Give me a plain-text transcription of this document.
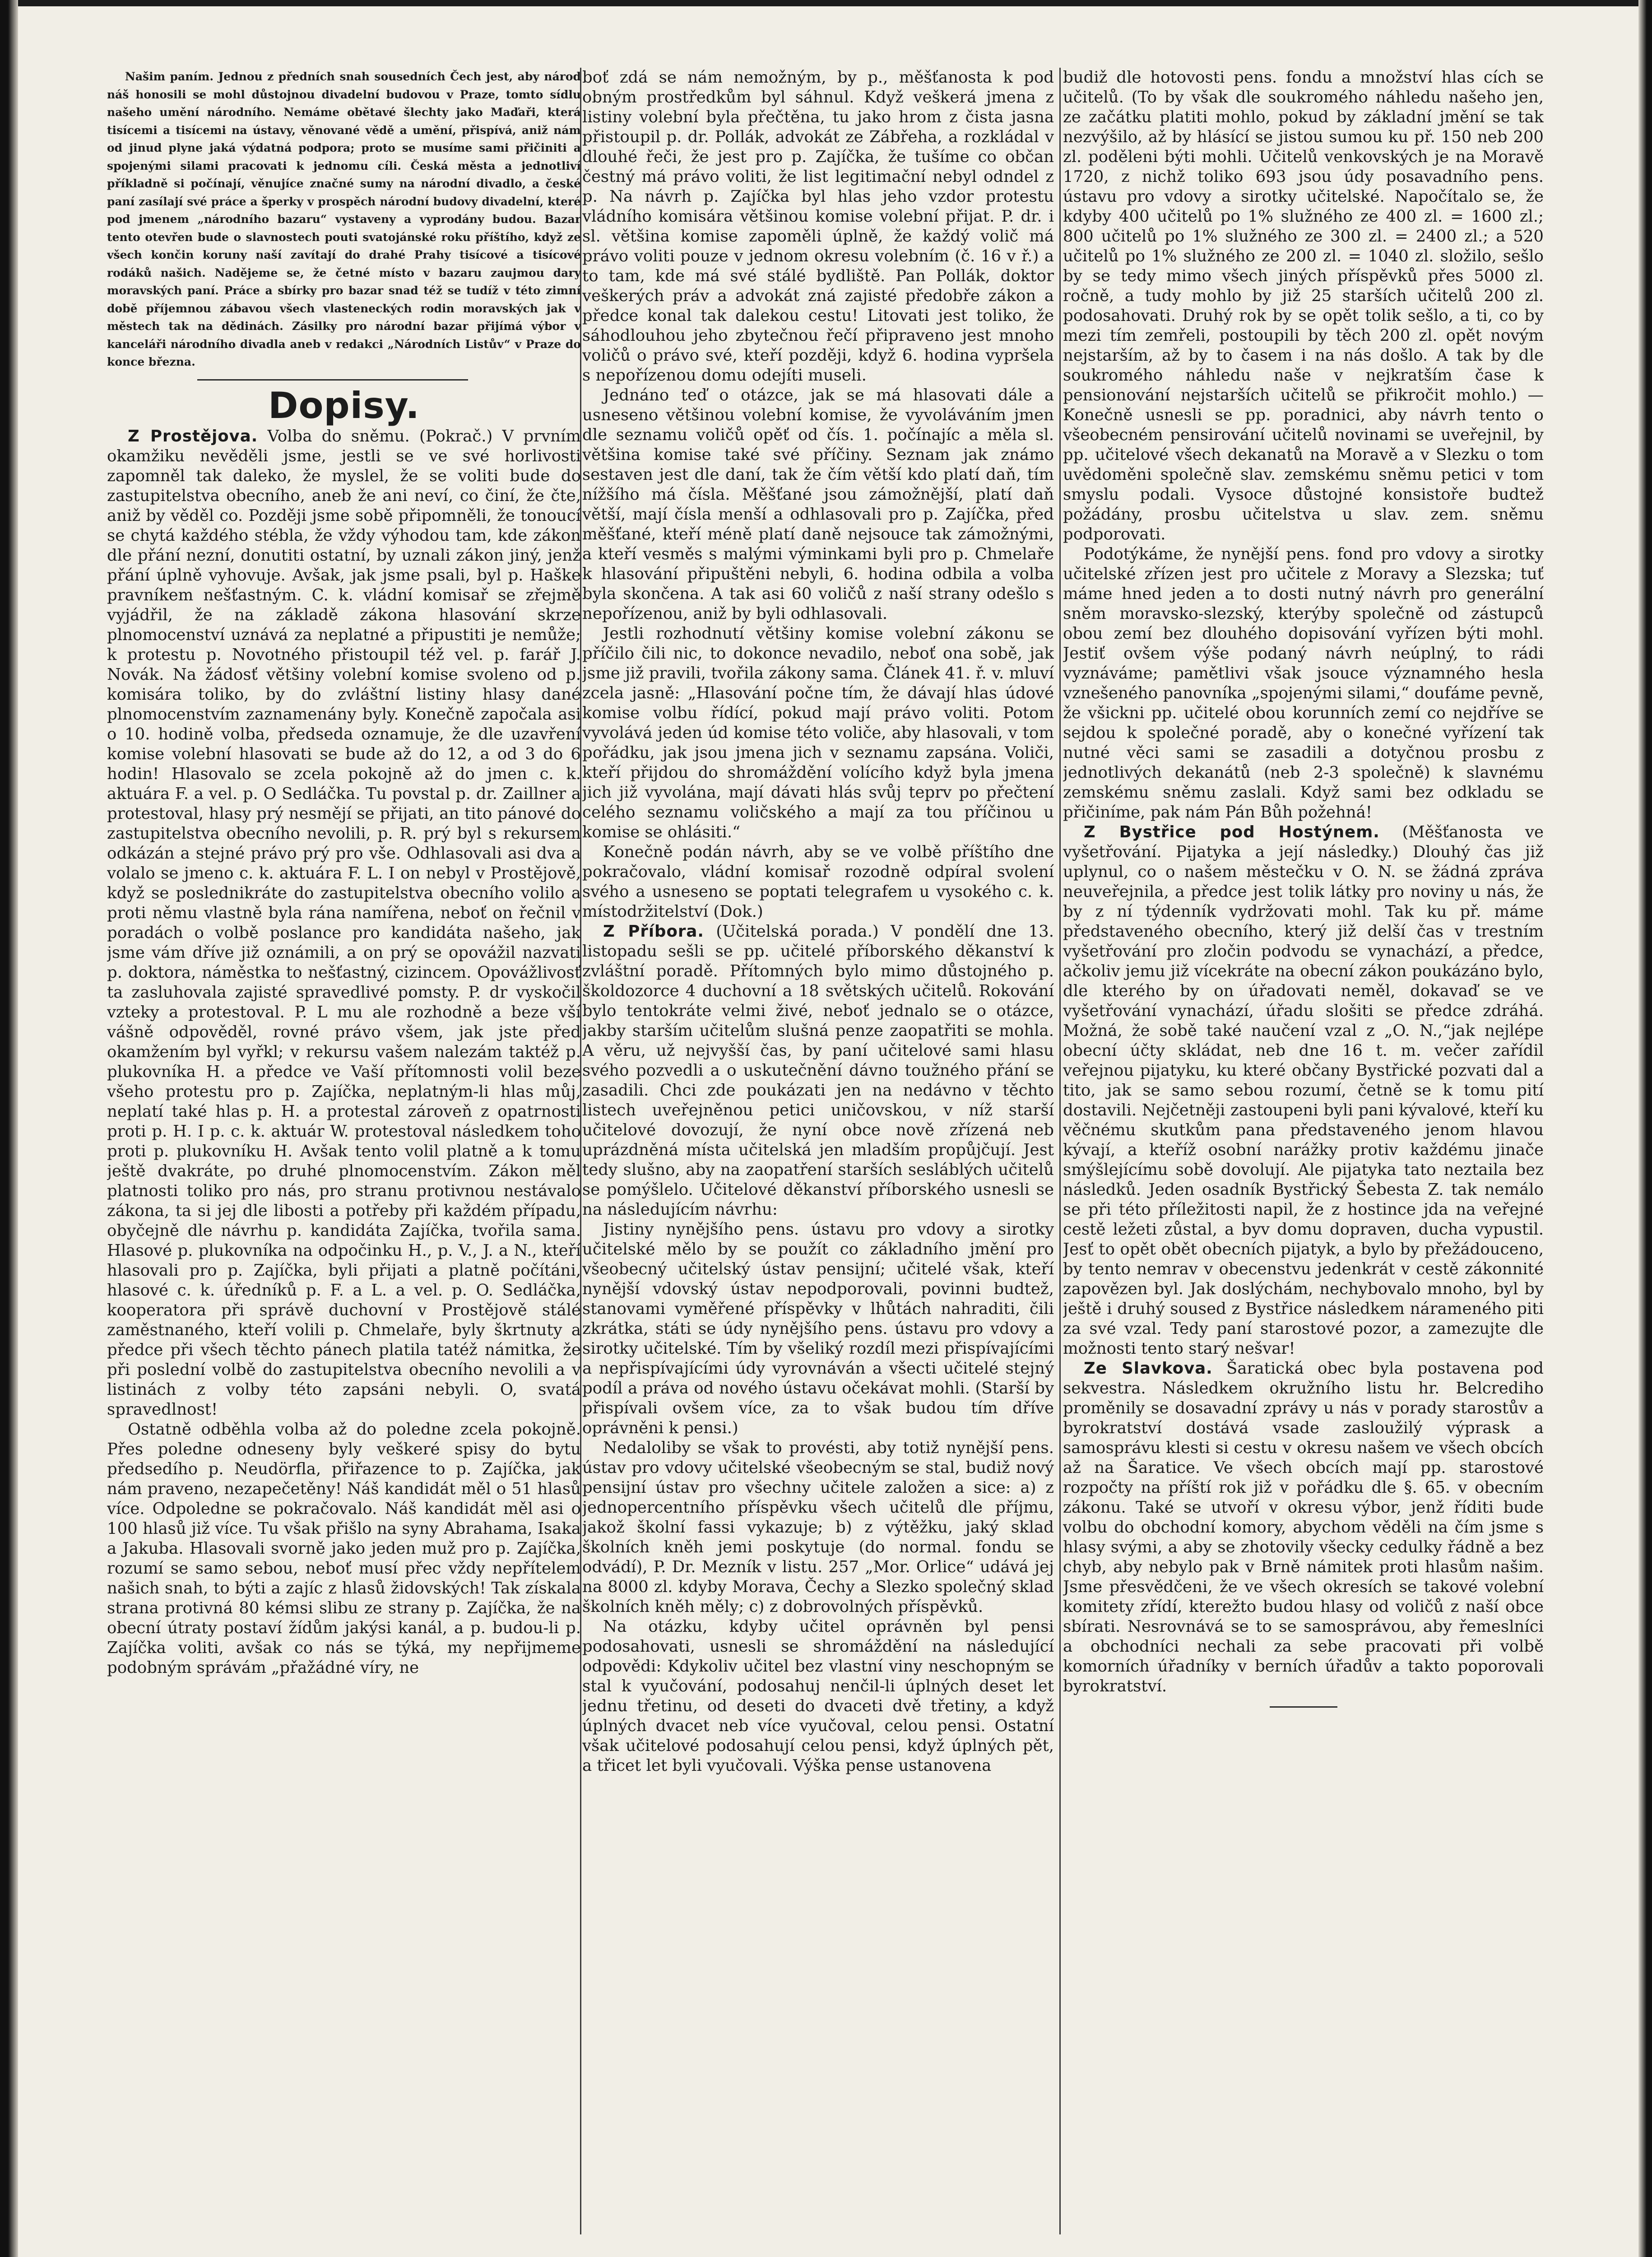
Našim paním. Jednou z předních snah sousedních Čech jest, aby národ náš honosili se mohl důstojnou divadelní budovou v Praze, tomto sídlu našeho umění národního. Nemáme obětavé šlechty jako Maďaři, která tisícemi a tisícemi na ústavy, věnované vědě a umění, přispívá, aniž nám od jinud plyne jaká výdatná podpora; proto se musíme sami přičiniti a spojenými silami pracovati k jednomu cíli. Česká města a jednotliví příkladně si počínají, věnujíce značné sumy na národní divadlo, a české paní zasílají své práce a šperky v prospěch národní budovy divadelní, které pod jmenem „národního bazaru“ vystaveny a vyprodány budou. Bazar tento otevřen bude o slavnostech pouti svatojánské roku příštího, když ze všech končin koruny naší zavítají do drahé Prahy tisícové a tisícové rodáků našich. Nadějeme se, že četné místo v bazaru zaujmou dary moravských paní. Práce a sbírky pro bazar snad též se tudíž v této zimní době příjemnou zábavou všech vlasteneckých rodin moravských jak v městech tak na dědinách. Zásilky pro národní bazar přijímá výbor v kanceláři národního divadla aneb v redakci „Národních Listův“ v Praze do konce března.

Dopisy.

Z Prostějova. Volba do sněmu. (Pokrač.) V prvním okamžiku nevěděli jsme, jestli se ve své horlivosti zapomněl tak daleko, že myslel, že se voliti bude do zastupitelstva obecního, aneb že ani neví, co činí, že čte, aniž by věděl co. Později jsme sobě připomněli, že tonoucí se chytá každého stébla, že vždy výhodou tam, kde zákon dle přání nezní, donutiti ostatní, by uznali zákon jiný, jenž přání úplně vyhovuje. Avšak, jak jsme psali, byl p. Haške pravníkem nešťastným. C. k. vládní komisař se zřejmě vyjádřil, že na základě zákona hlasování skrze plnomocenství uznává za neplatné a připustiti je nemůže; k protestu p. Novotného přistoupil též vel. p. farář J. Novák. Na žádosť většiny volební komise svoleno od p. komisára toliko, by do zvláštní listiny hlasy dané plnomocenstvím zaznamenány byly. Konečně započala asi o 10. hodině volba, předseda oznamuje, že dle uzavření komise volební hlasovati se bude až do 12, a od 3 do 6 hodin! Hlasovalo se zcela pokojně až do jmen c. k. aktuára F. a vel. p. O Sedláčka. Tu povstal p. dr. Zaillner a protestoval, hlasy prý nesmějí se přijati, an tito pánové do zastupitelstva obecního nevolili, p. R. prý byl s rekursem odkázán a stejné právo prý pro vše. Odhlasovali asi dva a volalo se jmeno c. k. aktuára F. L. I on nebyl v Prostějově, když se poslednikráte do zastupitelstva obecního volilo a proti němu vlastně byla rána namířena, neboť on řečnil v poradách o volbě poslance pro kandidáta našeho, jak jsme vám dříve již oznámili, a on prý se opovážil nazvati p. doktora, náměstka to nešťastný, cizincem. Opovážlivosť ta zasluhovala zajisté spravedlivé pomsty. P. dr vyskočil vzteky a protestoval. P. L mu ale rozhodně a beze vší vášně odpověděl, rovné právo všem, jak jste před okamžením byl vyřkl; v rekursu vašem nalezám taktéž p. plukovníka H. a předce ve Vaší přítomnosti volil beze všeho protestu pro p. Zajíčka, neplatným-li hlas můj, neplatí také hlas p. H. a protestal zároveň z opatrnosti proti p. H. I p. c. k. aktuár W. protestoval následkem toho proti p. plukovníku H. Avšak tento volil platně a k tomu ještě dvakráte, po druhé plnomocenstvím. Zákon měl platnosti toliko pro nás, pro stranu protivnou nestávalo zákona, ta si jej dle libosti a potřeby při každém případu, obyčejně dle návrhu p. kandidáta Zajíčka, tvořila sama. Hlasové p. plukovníka na odpočinku H., p. V., J. a N., kteří hlasovali pro p. Zajíčka, byli přijati a platně počítáni, hlasové c. k. úředníků p. F. a L. a vel. p. O. Sedláčka, kooperatora při správě duchovní v Prostějově stálé zaměstnaného, kteří volili p. Chmelaře, byly škrtnuty a předce při všech těchto pánech platila tatéž námitka, že při poslední volbě do zastupitelstva obecního nevolili a v listinách z volby této zapsáni nebyli. O, svatá spravedlnost!

Ostatně odběhla volba až do poledne zcela pokojně. Přes poledne odneseny byly veškeré spisy do bytu předsedího p. Neudörfla, přiřazence to p. Zajíčka, jak nám praveno, nezapečetěny! Náš kandidát měl o 51 hlasů více. Odpoledne se pokračovalo. Náš kandidát měl asi o 100 hlasů již více. Tu však přišlo na syny Abrahama, Isaka a Jakuba. Hlasovali svorně jako jeden muž pro p. Zajíčka, rozumí se samo sebou, neboť musí přec vždy nepřítelem našich snah, to býti a zajíc z hlasů židovských! Tak získala strana protivná 80 kémsi slibu ze strany p. Zajíčka, že na obecní útraty postaví žídům jakýsi kanál, a p. budou-li p. Zajíčka voliti, avšak co nás se týká, my nepřijmeme podobným správám „přažádné víry, ne

boť zdá se nám nemožným, by p., měšťanosta k pod obným prostředkům byl sáhnul. Když veškerá jmena z listiny volební byla přečtěna, tu jako hrom z čista jasna přistoupil p. dr. Pollák, advokát ze Zábřeha, a rozkládal v dlouhé řeči, že jest pro p. Zajíčka, že tušíme co občan čestný má právo voliti, že list legitimační nebyl odndel z p. Na návrh p. Zajíčka byl hlas jeho vzdor protestu vládního komisára většinou komise volební přijat. P. dr. i sl. většina komise zapoměli úplně, že každý volič má právo voliti pouze v jednom okresu volebním (č. 16 v ř.) a to tam, kde má své stálé bydliště. Pan Pollák, doktor veškerých práv a advokát zná zajisté předobře zákon a předce konal tak dalekou cestu! Litovati jest toliko, že sáhodlouhou jeho zbytečnou řečí připraveno jest mnoho voličů o právo své, kteří později, když 6. hodina vypršela s nepořízenou domu odejíti museli.

Jednáno teď o otázce, jak se má hlasovati dále a usneseno většinou volební komise, že vyvoláváním jmen dle seznamu voličů opěť od čís. 1. počínajíc a měla sl. většina komise také své příčiny. Seznam jak známo sestaven jest dle daní, tak že čím větší kdo platí daň, tím nížšího má čísla. Měšťané jsou zámožnější, platí daň větší, mají čísla menší a odhlasovali pro p. Zajíčka, před měšťané, kteří méně platí daně nejsouce tak zámožnými, a kteří vesměs s malými výminkami byli pro p. Chmelaře k hlasování připuštěni nebyli, 6. hodina odbila a volba byla skončena. A tak asi 60 voličů z naší strany odešlo s nepořízenou, aniž by byli odhlasovali.

Jestli rozhodnutí většiny komise volební zákonu se příčilo čili nic, to dokonce nevadilo, neboť ona sobě, jak jsme již pravili, tvořila zákony sama. Článek 41. ř. v. mluví zcela jasně: „Hlasování počne tím, že dávají hlas údové komise volbu řídící, pokud mají právo voliti. Potom vyvolává jeden úd komise této voliče, aby hlasovali, v tom pořádku, jak jsou jmena jich v seznamu zapsána. Voliči, kteří přijdou do shromáždění volícího když byla jmena jich již vyvolána, mají dávati hlás svůj teprv po přečtení celého seznamu voličského a mají za tou příčinou u komise se ohlásiti.“

Konečně podán návrh, aby se ve volbě příštího dne pokračovalo, vládní komisař rozodně odpíral svolení svého a usneseno se poptati telegrafem u vysokého c. k. místodržitelství (Dok.)

Z Příbora. (Učitelská porada.) V pondělí dne 13. listopadu sešli se pp. učitelé příborského děkanství k zvláštní poradě. Přítomných bylo mimo důstojného p. školdozorce 4 duchovní a 18 světských učitelů. Rokování bylo tentokráte velmi živé, neboť jednalo se o otázce, jakby starším učitelům slušná penze zaopatřiti se mohla. A věru, už nejvyšší čas, by paní učitelové sami hlasu svého pozvedli a o uskutečnění dávno toužného přání se zasadili. Chci zde poukázati jen na nedávno v těchto listech uveřejněnou petici uničovskou, v níž starší učitelové dovozují, že nyní obce nově zřízená neb uprázdněná místa učitelská jen mladším propůjčují. Jest tedy slušno, aby na zaopatření starších sesláblých učitelů se pomýšlelo. Učitelové děkanství příborského usnesli se na následujícím návrhu:

Jistiny nynějšího pens. ústavu pro vdovy a sirotky učitelské mělo by se použít co základního jmění pro všeobecný učitelský ústav pensijní; učitelé však, kteří nynější vdovský ústav nepodporovali, povinni budtež, stanovami vyměřené příspěvky v lhůtách nahraditi, čili zkrátka, státi se údy nynějšího pens. ústavu pro vdovy a sirotky učitelské. Tím by všeliký rozdíl mezi přispívajícími a nepřispívajícími údy vyrovnáván a všecti učitelé stejný podíl a práva od nového ústavu očekávat mohli. (Starší by přispívali ovšem více, za to však budou tím dříve oprávněni k pensi.)

Nedaloliby se však to provésti, aby totiž nynější pens. ústav pro vdovy učitelské všeobecným se stal, budiž nový pensijní ústav pro všechny učitele založen a sice: a) z jednopercentního příspěvku všech učitelů dle příjmu, jakož školní fassi vykazuje; b) z výtěžku, jaký sklad školních kněh jemi poskytuje (do normal. fondu se odvádí), P. Dr. Mezník v listu. 257 „Mor. Orlice“ udává jej na 8000 zl. kdyby Morava, Čechy a Slezko společný sklad školních kněh měly; c) z dobrovolných příspěvků.

Na otázku, kdyby učitel oprávněn byl pensi podosahovati, usnesli se shromáždění na následující odpovědi: Kdykoliv učitel bez vlastní viny neschopným se stal k vyučování, podosahuj nenčil-li úplných deset let jednu třetinu, od deseti do dvaceti dvě třetiny, a když úplných dvacet neb více vyučoval, celou pensi. Ostatní však učitelové podosahují celou pensi, když úplných pět, a třicet let byli vyučovali. Výška pense ustanovena

budiž dle hotovosti pens. fondu a množství hlas cích se učitelů. (To by však dle soukromého náhledu našeho jen, ze začátku platiti mohlo, pokud by základní jmění se tak nezvýšilo, až by hlásící se jistou sumou ku př. 150 neb 200 zl. poděleni býti mohli. Učitelů venkovských je na Moravě 1720, z nichž toliko 693 jsou údy posavadního pens. ústavu pro vdovy a sirotky učitelské. Napočítalo se, že kdyby 400 učitelů po 1% služného ze 400 zl. = 1600 zl.; 800 učitelů po 1% služného ze 300 zl. = 2400 zl.; a 520 učitelů po 1% služného ze 200 zl. = 1040 zl. složilo, sešlo by se tedy mimo všech jiných příspěvků přes 5000 zl. ročně, a tudy mohlo by již 25 starších učitelů 200 zl. podosahovati. Druhý rok by se opět tolik sešlo, a ti, co by mezi tím zemřeli, postoupili by těch 200 zl. opět novým nejstarším, až by to časem i na nás došlo. A tak by dle soukromého náhledu naše v nejkratším čase k pensionování nejstarších učitelů se přikročit mohlo.) — Konečně usnesli se pp. poradnici, aby návrh tento o všeobecném pensirování učitelů novinami se uveřejnil, by pp. učitelové všech dekanatů na Moravě a v Slezku o tom uvědoměni společně slav. zemskému sněmu petici v tom smyslu podali. Vysoce důstojné konsistoře budtež požádány, prosbu učitelstva u slav. zem. sněmu podporovati.

Podotýkáme, že nynější pens. fond pro vdovy a sirotky učitelské zřízen jest pro učitele z Moravy a Slezska; tuť máme hned jeden a to dosti nutný návrh pro generální sněm moravsko-slezský, kterýby společně od zástupců obou zemí bez dlouhého dopisování vyřízen býti mohl. Jestiť ovšem výše podaný návrh neúplný, to rádi vyznáváme; pamětlivi však jsouce významného hesla vznešeného panovníka „spojenými silami,“ doufáme pevně, že všickni pp. učitelé obou korunních zemí co nejdříve se sejdou k společné poradě, aby o konečné vyřízení tak nutné věci sami se zasadili a dotyčnou prosbu z jednotlivých dekanátů (neb 2-3 společně) k slavnému zemskému sněmu zaslali. Když sami bez odkladu se přičiníme, pak nám Pán Bůh požehná!

Z Bystřice pod Hostýnem. (Měšťanosta ve vyšetřování. Pijatyka a její následky.) Dlouhý čas již uplynul, co o našem městečku v O. N. se žádná zpráva neuveřejnila, a předce jest tolik látky pro noviny u nás, že by z ní týdenník vydržovati mohl. Tak ku př. máme představeného obecního, který již delší čas v trestním vyšetřování pro zločin podvodu se vynachází, a předce, ačkoliv jemu již vícekráte na obecní zákon poukázáno bylo, dle kterého by on úřadovati neměl, dokavaď se ve vyšetřování vynachází, úřadu slošiti se předce zdráhá. Možná, že sobě také naučení vzal z „O. N.,“jak nejlépe obecní účty skládat, neb dne 16 t. m. večer zařídil veřejnou pijatyku, ku které občany Bystřické pozvati dal a tito, jak se samo sebou rozumí, četně se k tomu pití dostavili. Nejčetněji zastoupeni byli pani kývalové, kteří ku věčnému skutkům pana představeného jenom hlavou kývají, a kteříž osobní narážky protiv každému jinače smýšlejícímu sobě dovolují. Ale pijatyka tato neztaila bez následků. Jeden osadník Bystřický Šebesta Z. tak nemálo se při této příležitosti napil, že z hostince jda na veřejné cestě ležeti zůstal, a byv domu dopraven, ducha vypustil. Jesť to opět obět obecních pijatyk, a bylo by přežádouceno, by tento nemrav v obecenstvu jedenkrát v cestě zákonnité zapovězen byl. Jak doslýchám, nechybovalo mnoho, byl by ještě i druhý soused z Bystřice následkem nárameného piti za své vzal. Tedy paní starostové pozor, a zamezujte dle možnosti tento starý nešvar!

Ze Slavkova. Šaratická obec byla postavena pod sekvestra. Následkem okružního listu hr. Belcrediho proměnily se dosavadní zprávy u nás v porady starostův a byrokratství dostává vsade zasloužilý výprask a samosprávu klesti si cestu v okresu našem ve všech obcích až na Šaratice. Ve všech obcích mají pp. starostové rozpočty na příští rok již v pořádku dle §. 65. v obecním zákonu. Také se utvoří v okresu výbor, jenž říditi bude volbu do obchodní komory, abychom věděli na čím jsme s hlasy svými, a aby se zhotovily všecky cedulky řádně a bez chyb, aby nebylo pak v Brně námitek proti hlasům našim. Jsme přesvědčeni, že ve všech okresích se takové volební komitety zřídí, kterežto budou hlasy od voličů z naší obce sbírati. Nesrovnává se to se samosprávou, aby řemeslníci a obchodníci nechali za sebe pracovati při volbě komorních úřadníky v berních úřadův a takto poporovali byrokratství.
